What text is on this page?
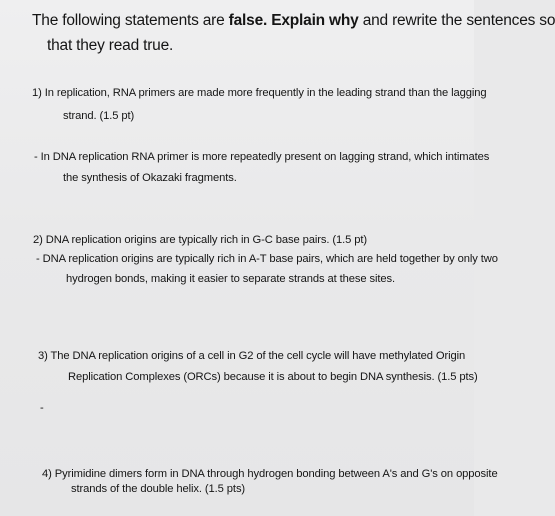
The following statements are false. Explain why and rewrite the sentences so
that they read true.
1) In replication, RNA primers are made more frequently in the leading strand than the lagging
strand. (1.5 pt)
- In DNA replication RNA primer is more repeatedly present on lagging strand, which intimates
the synthesis of Okazaki fragments.
2) DNA replication origins are typically rich in G-C base pairs. (1.5 pt)
- DNA replication origins are typically rich in A-T base pairs, which are held together by only two
hydrogen bonds, making it easier to separate strands at these sites.
3) The DNA replication origins of a cell in G2 of the cell cycle will have methylated Origin
Replication Complexes (ORCs) because it is about to begin DNA synthesis. (1.5 pts)
-
4) Pyrimidine dimers form in DNA through hydrogen bonding between A's and G's on opposite
strands of the double helix. (1.5 pts)
